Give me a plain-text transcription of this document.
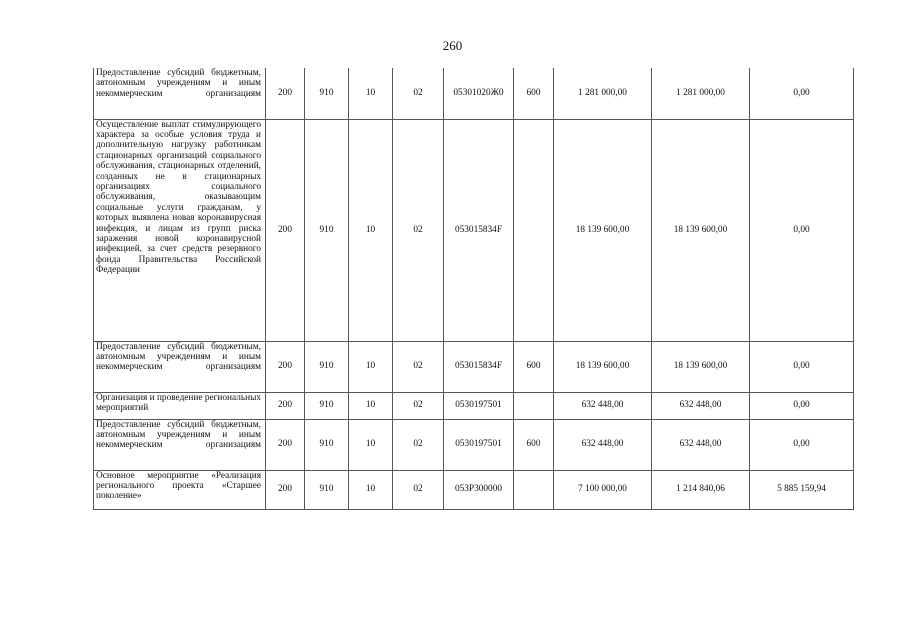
260
Предоставление субсидий бюджетным, автономным учреждениям и иным некоммерческим организациям	200	910	10	02	05301020Ж0	600	1 281 000,00	1 281 000,00	0,00

Осуществление выплат стимулирующего характера за особые условия труда и дополнительную нагрузку работникам стационарных организаций социального обслуживания, стационарных отделений, созданных не в стационарных организациях социального обслуживания, оказывающим социальные услуги гражданам, у которых выявлена новая коронавирусная инфекция, и лицам из групп риска заражения новой коронавирусной инфекцией, за счет средств резервного фонда Правительства Российской Федерации	200	910	10	02	053015834F		18 139 600,00	18 139 600,00	0,00

Предоставление субсидий бюджетным, автономным учреждениям и иным некоммерческим организациям	200	910	10	02	053015834F	600	18 139 600,00	18 139 600,00	0,00

Организация и проведение региональных мероприятий	200	910	10	02	0530197501		632 448,00	632 448,00	0,00

Предоставление субсидий бюджетным, автономным учреждениям и иным некоммерческим организациям	200	910	10	02	0530197501	600	632 448,00	632 448,00	0,00

Основное мероприятие «Реализация регионального проекта «Старшее поколение»	200	910	10	02	053P300000		7 100 000,00	1 214 840,06	5 885 159,94
